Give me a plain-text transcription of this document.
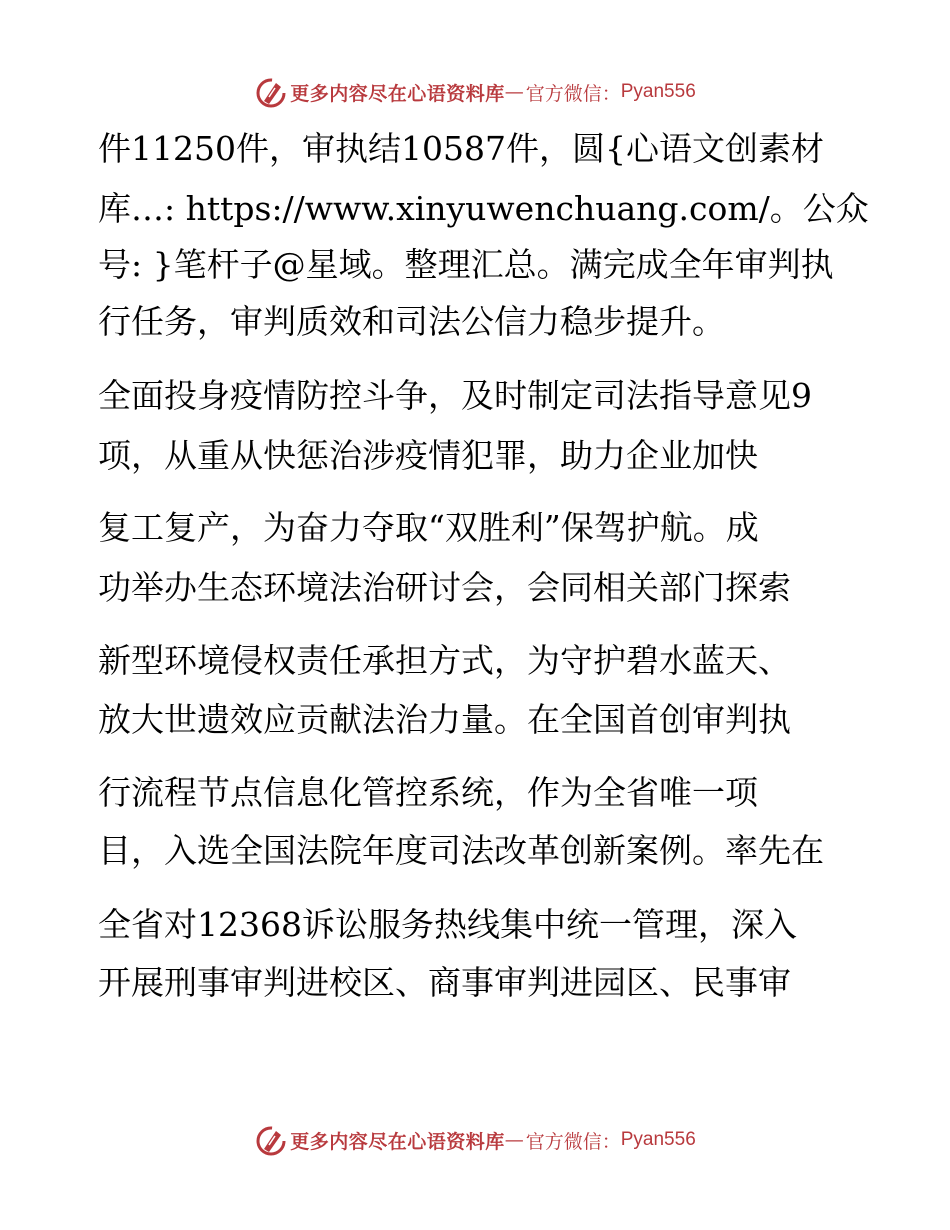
更多内容尽在心语资料库 — 官方微信： Pyan556
件11250件，审执结10587件，圆{心语文创素材
库…: https://www.xinyuwenchuang.com/。公众
号: }笔杆子@星域。整理汇总。满完成全年审判执
行任务，审判质效和司法公信力稳步提升。
全面投身疫情防控斗争，及时制定司法指导意见9
项，从重从快惩治涉疫情犯罪，助力企业加快
复工复产，为奋力夺取“双胜利”保驾护航。成
功举办生态环境法治研讨会，会同相关部门探索
新型环境侵权责任承担方式，为守护碧水蓝天、
放大世遗效应贡献法治力量。在全国首创审判执
行流程节点信息化管控系统，作为全省唯一项
目，入选全国法院年度司法改革创新案例。率先在
全省对12368诉讼服务热线集中统一管理，深入
开展刑事审判进校区、商事审判进园区、民事审
更多内容尽在心语资料库 — 官方微信： Pyan556
